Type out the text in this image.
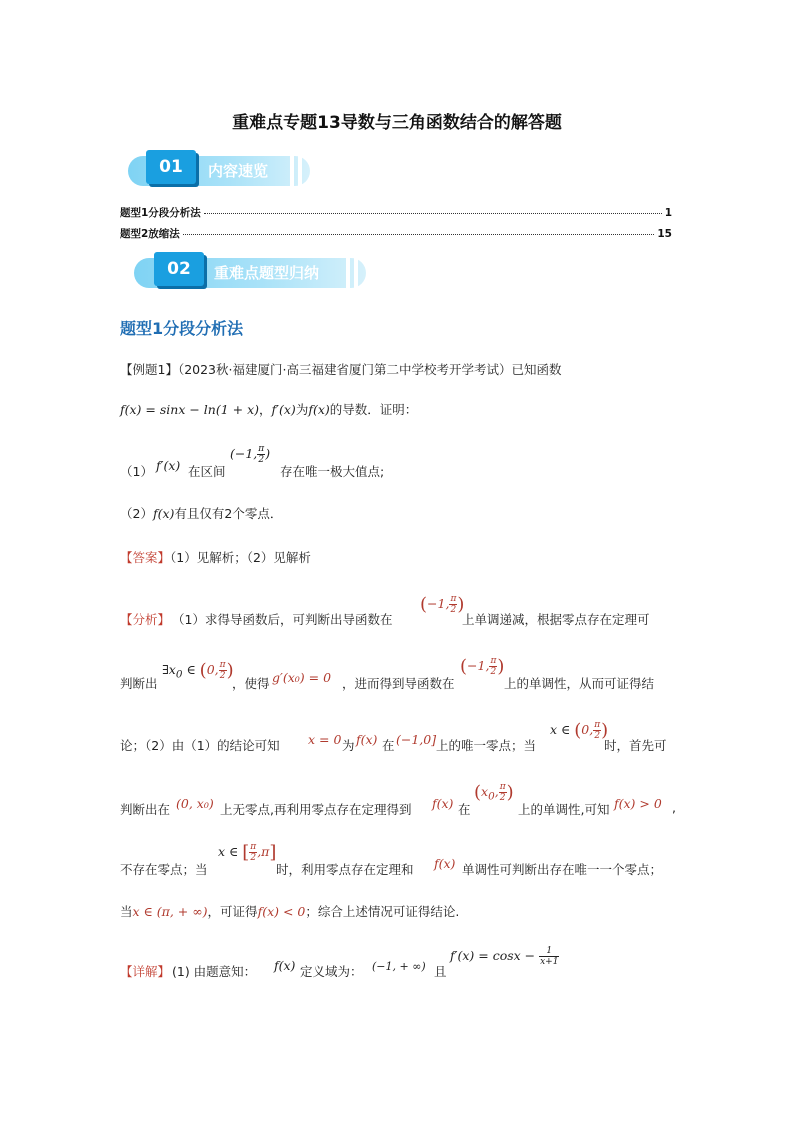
重难点专题13导数与三角函数结合的解答题
01	内容速览
题型1分段分析法	1
题型2放缩法	15
02	重难点题型归纳
题型1分段分析法
【例题1】（2023秋·福建厦门·高三福建省厦门第二中学校考开学考试）已知函数
f(x) = sinx − ln(1 + x)，f′(x)为f(x)的导数．证明：
（1） f′(x) 在区间
(−1, $\frac{\pi}{2}$ )
存在唯一极大值点;
（2）f(x)有且仅有2个零点．
【答案】（1）见解析；（2）见解析
【分析】 （1）求得导函数后，可判断出导函数在
(−1, $\frac{\pi}{2}$ )
上单调递减，根据零点存在定理可
判断出
$\exists x_0$ ∈ (0, $\frac{\pi}{2}$ )
，使得 g′(x₀) = 0 ，进而得到导函数在
(−1, $\frac{\pi}{2}$ )
上的单调性，从而可证得结
论；（2）由（1）的结论可知 x = 0 为 f(x) 在 (−1,0] 上的唯一零点；当
x ∈ (0, $\frac{\pi}{2}$ )
时，首先可
判断出在 (0, x₀) 上无零点,再利用零点存在定理得到 f(x) 在
($x_0$, $\frac{\pi}{2}$ )
上的单调性,可知 f(x) > 0 ,
不存在零点；当
x ∈ [ $\frac{\pi}{2} ,\pi$]
时，利用零点存在定理和 f(x) 单调性可判断出存在唯一一个零点；
当x ∈ (π, + ∞)，可证得f(x) < 0；综合上述情况可证得结论.
【详解】 (1) 由题意知： f(x) 定义域为： (−1, + ∞) 且
$f'(x) = \cos x - \frac{1}{x+1}$
